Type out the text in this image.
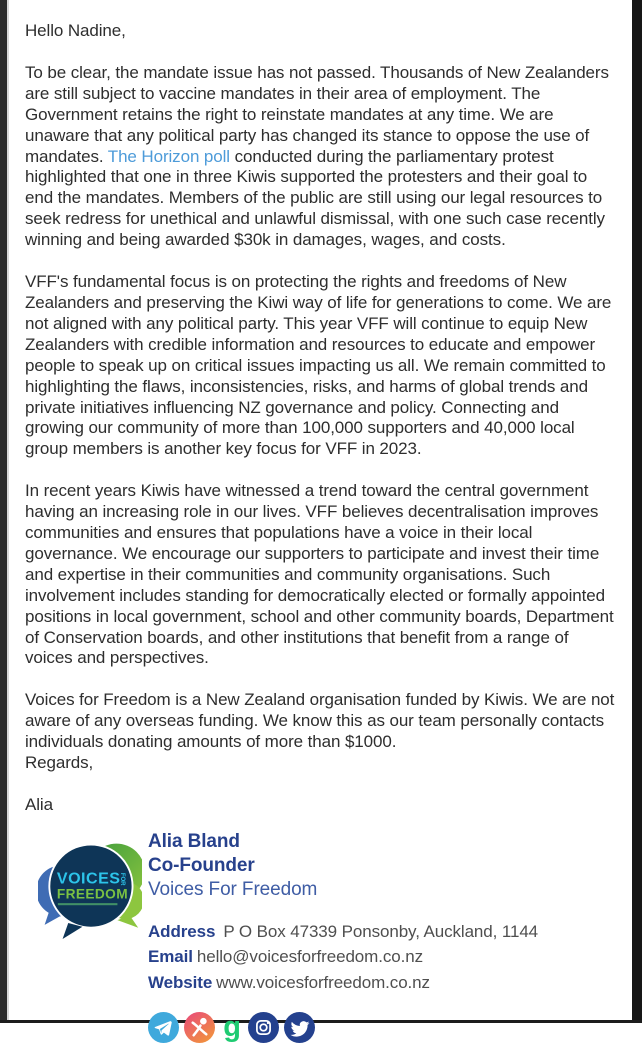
Hello Nadine,

To be clear, the mandate issue has not passed. Thousands of New Zealanders are still subject to vaccine mandates in their area of employment. The Government retains the right to reinstate mandates at any time. We are unaware that any political party has changed its stance to oppose the use of mandates. The Horizon poll conducted during the parliamentary protest highlighted that one in three Kiwis supported the protesters and their goal to end the mandates. Members of the public are still using our legal resources to seek redress for unethical and unlawful dismissal, with one such case recently winning and being awarded $30k in damages, wages, and costs.

VFF's fundamental focus is on protecting the rights and freedoms of New Zealanders and preserving the Kiwi way of life for generations to come. We are not aligned with any political party. This year VFF will continue to equip New Zealanders with credible information and resources to educate and empower people to speak up on critical issues impacting us all. We remain committed to highlighting the flaws, inconsistencies, risks, and harms of global trends and private initiatives influencing NZ governance and policy. Connecting and growing our community of more than 100,000 supporters and 40,000 local group members is another key focus for VFF in 2023.

In recent years Kiwis have witnessed a trend toward the central government having an increasing role in our lives. VFF believes decentralisation improves communities and ensures that populations have a voice in their local governance. We encourage our supporters to participate and invest their time and expertise in their communities and community organisations. Such involvement includes standing for democratically elected or formally appointed positions in local government, school and other community boards, Department of Conservation boards, and other institutions that benefit from a range of voices and perspectives.

Voices for Freedom is a New Zealand organisation funded by Kiwis. We are not aware of any overseas funding. We know this as our team personally contacts individuals donating amounts of more than $1000.

Regards,

Alia

VOICES
FOR
FREEDOM
Alia Bland
Co-Founder
Voices For Freedom
Address P O Box 47339 Ponsonby, Auckland, 1144
Email hello@voicesforfreedom.co.nz
Website www.voicesforfreedom.co.nz
g
